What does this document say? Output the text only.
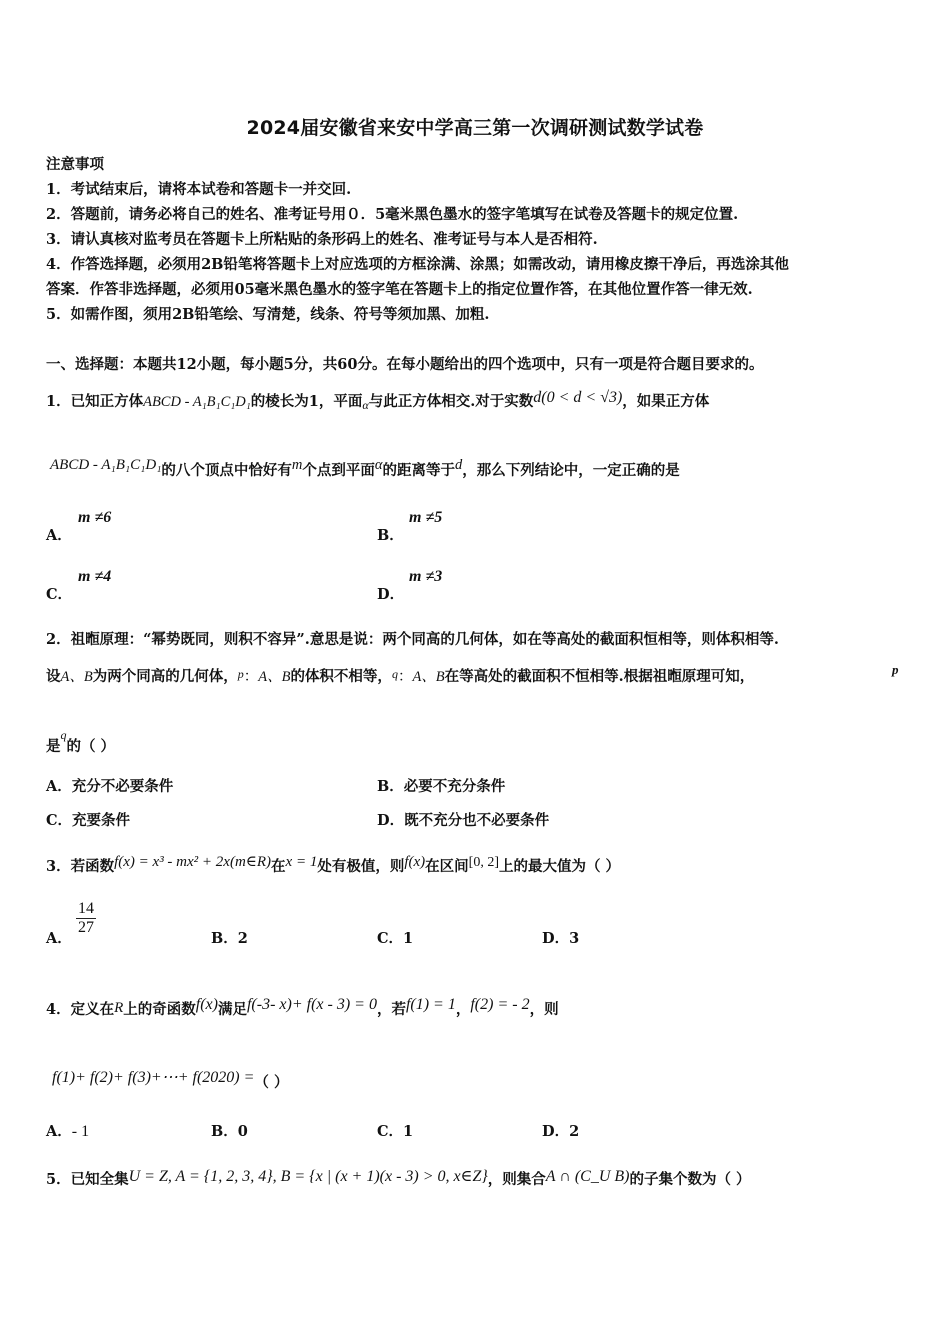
2024届安徽省来安中学高三第一次调研测试数学试卷
注意事项
1．考试结束后，请将本试卷和答题卡一并交回.
2．答题前，请务必将自己的姓名、准考证号用０．5毫米黑色墨水的签字笔填写在试卷及答题卡的规定位置.
3．请认真核对监考员在答题卡上所粘贴的条形码上的姓名、准考证号与本人是否相符.
4．作答选择题，必须用2B铅笔将答题卡上对应选项的方框涂满、涂黑；如需改动，请用橡皮擦干净后，再选涂其他
答案．作答非选择题，必须用05毫米黑色墨水的签字笔在答题卡上的指定位置作答，在其他位置作答一律无效.
5．如需作图，须用2B铅笔绘、写清楚，线条、符号等须加黑、加粗.
一、选择题：本题共12小题，每小题5分，共60分。在每小题给出的四个选项中，只有一项是符合题目要求的。
1．已知正方体ABCD - A₁B₁C₁D₁的棱长为1，平面$_\alpha$与此正方体相交.对于实数d(0 < d < √3)，如果正方体
ABCD - A₁B₁C₁D₁的八个顶点中恰好有m个点到平面α的距离等于d，那么下列结论中，一定正确的是
A．
m ≠6
B．
m ≠5
C．
m ≠4
D．
m ≠3
2．祖暅原理：“幂势既同，则积不容异”.意思是说：两个同高的几何体，如在等高处的截面积恒相等，则体积相等.
设A、B为两个同高的几何体，$^p$：A、B的体积不相等，$^q$：A、B在等高处的截面积不恒相等.根据祖暅原理可知，	p
是$^q$的（ ）
A．充分不必要条件	B．必要不充分条件
C．充要条件	D．既不充分也不必要条件
3．若函数f(x) = x³ - mx² + 2x(m∈R)在x = 1处有极值，则f(x)在区间[0, 2]上的最大值为（ ）
A．
$\frac{14}{27}$
B．2	C．1	D．3
4．定义在R上的奇函数f(x)满足f(-3- x)+ f(x - 3) = 0，若f(1) = 1，f(2) = - 2，则
f(1)+ f(2)+ f(3)+⋯+ f(2020) =（ ）
A．- 1	B．0	C．1	D．2
5．已知全集U = Z, A = {1, 2, 3, 4}, B = {x | (x + 1)(x - 3) > 0, x∈Z}，则集合A ∩ (C_U B)的子集个数为（ ）
